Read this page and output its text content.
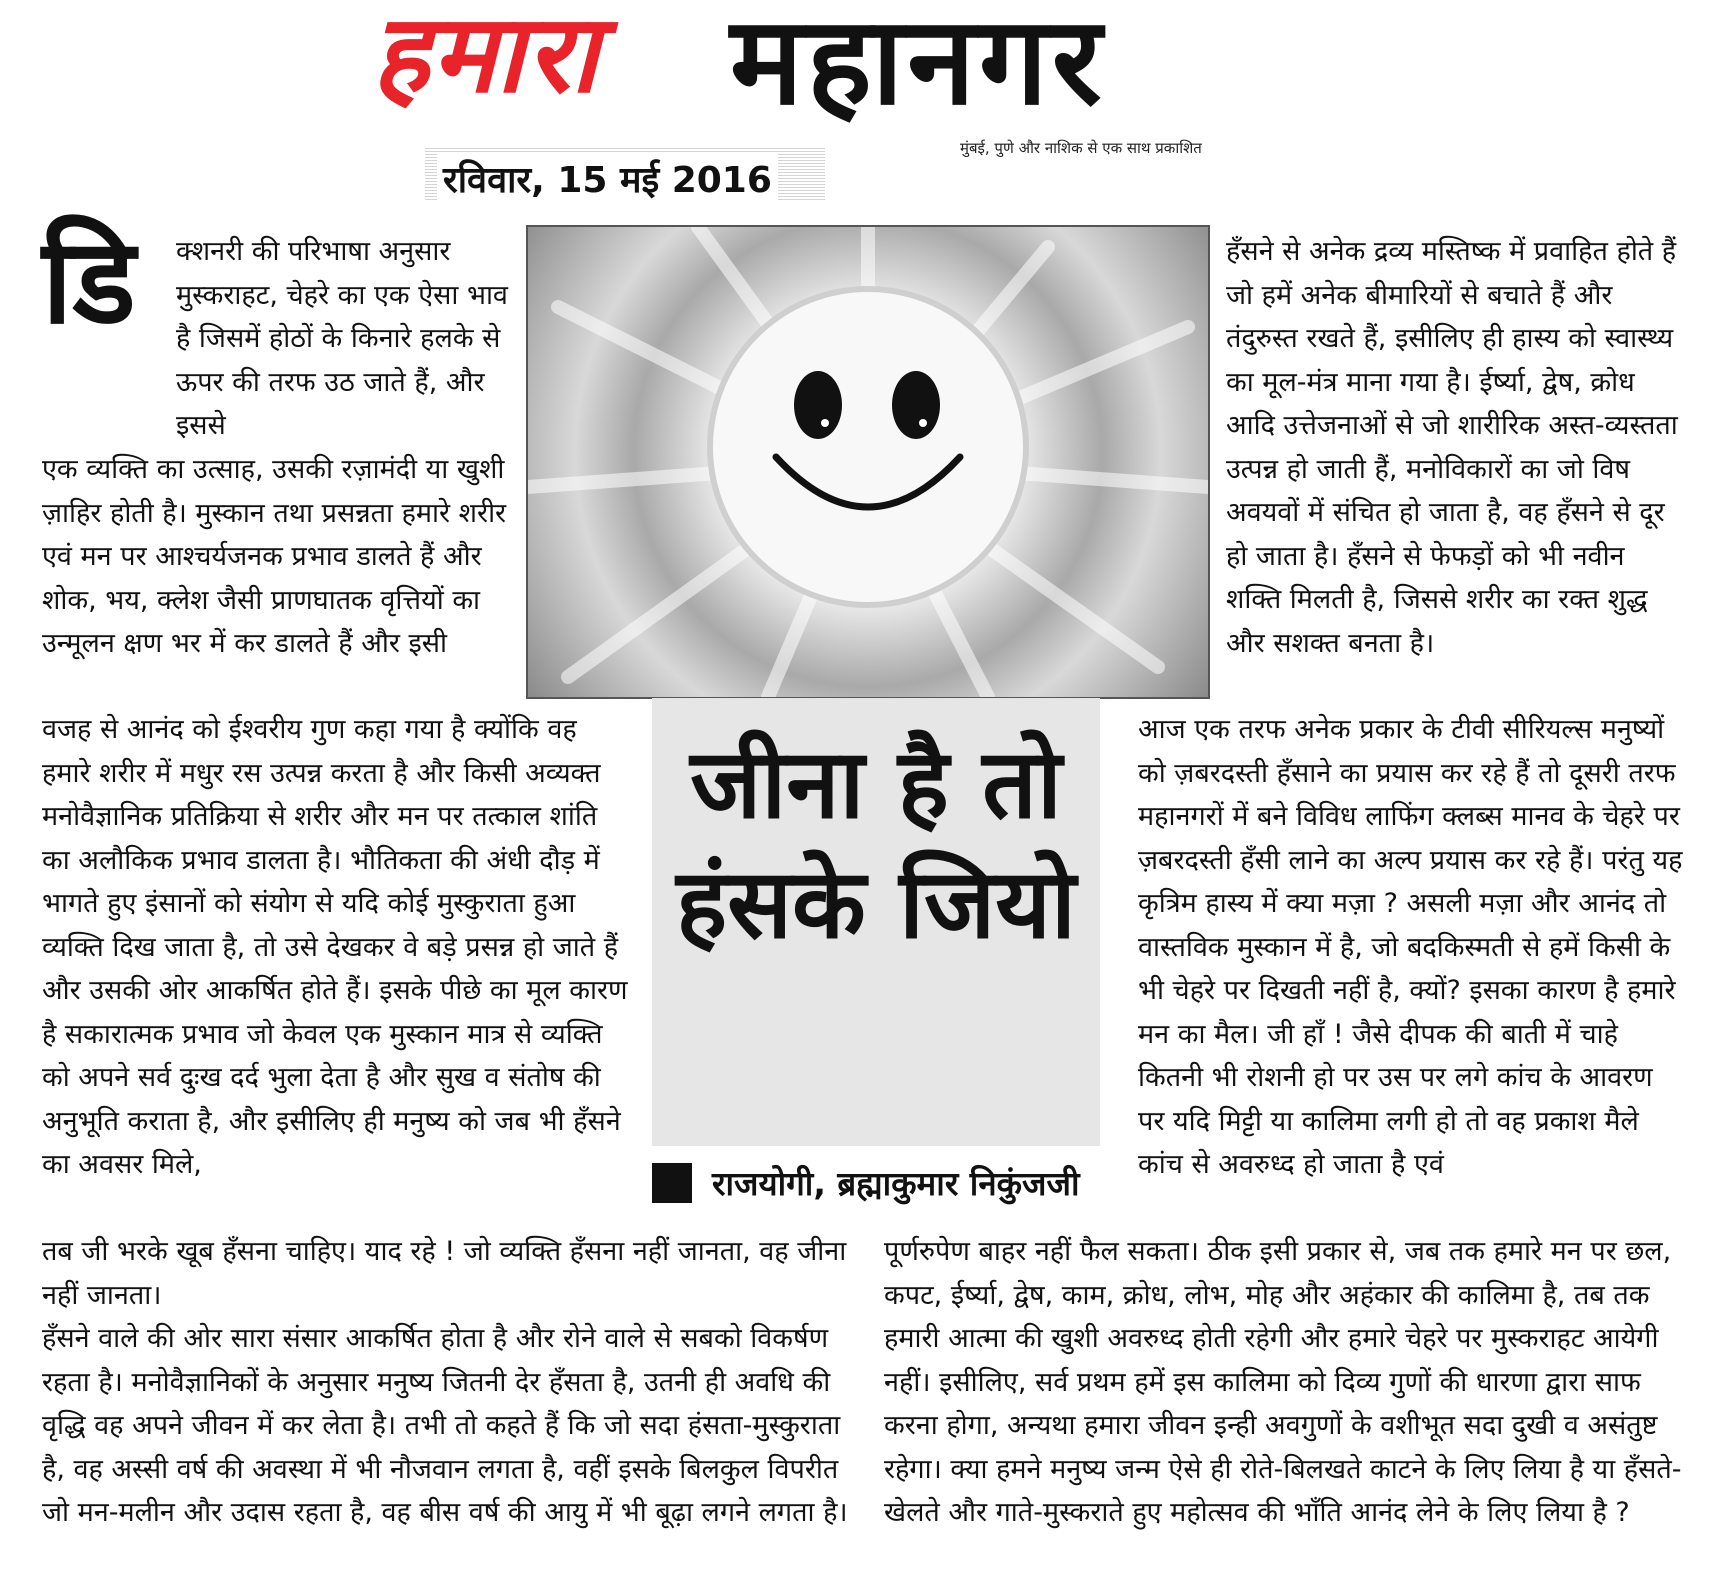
हमारा महानगर
मुंबई, पुणे और नाशिक से एक साथ प्रकाशित
रविवार, 15 मई 2016
डि क्शनरी की परिभाषा अनुसार मुस्कराहट, चेहरे का एक ऐसा भाव है जिसमें होठों के किनारे हलके से ऊपर की तरफ उठ जाते हैं, और इससे

एक व्यक्ति का उत्साह, उसकी रज़ामंदी या खुशी ज़ाहिर होती है। मुस्कान तथा प्रसन्नता हमारे शरीर एवं मन पर आश्चर्यजनक प्रभाव डालते हैं और शोक, भय, क्लेश जैसी प्राणघातक वृत्तियों का उन्मूलन क्षण भर में कर डालते हैं और इसी

वजह से आनंद को ईश्वरीय गुण कहा गया है क्योंकि वह हमारे शरीर में मधुर रस उत्पन्न करता है और किसी अव्यक्त मनोवैज्ञानिक प्रतिक्रिया से शरीर और मन पर तत्काल शांति का अलौकिक प्रभाव डालता है। भौतिकता की अंधी दौड़ में भागते हुए इंसानों को संयोग से यदि कोई मुस्कुराता हुआ व्यक्ति दिख जाता है, तो उसे देखकर वे बड़े प्रसन्न हो जाते हैं और उसकी ओर आकर्षित होते हैं। इसके पीछे का मूल कारण है सकारात्मक प्रभाव जो केवल एक मुस्कान मात्र से व्यक्ति को अपने सर्व दुःख दर्द भुला देता है और सुख व संतोष की अनुभूति कराता है, और इसीलिए ही मनुष्य को जब भी हँसने का अवसर मिले,

जीना है तो हंसके जियो
राजयोगी, ब्रह्माकुमार निकुंजजी

तब जी भरके खूब हँसना चाहिए। याद रहे ! जो व्यक्ति हँसना नहीं जानता, वह जीना नहीं जानता।

हँसने वाले की ओर सारा संसार आकर्षित होता है और रोने वाले से सबको विकर्षण रहता है। मनोवैज्ञानिकों के अनुसार मनुष्य जितनी देर हँसता है, उतनी ही अवधि की वृद्धि वह अपने जीवन में कर लेता है। तभी तो कहते हैं कि जो सदा हंसता-मुस्कुराता है, वह अस्सी वर्ष की अवस्था में भी नौजवान लगता है, वहीं इसके बिलकुल विपरीत जो मन-मलीन और उदास रहता है, वह बीस वर्ष की आयु में भी बूढ़ा लगने लगता है।

हँसने से अनेक द्रव्य मस्तिष्क में प्रवाहित होते हैं जो हमें अनेक बीमारियों से बचाते हैं और तंदुरुस्त रखते हैं, इसीलिए ही हास्य को स्वास्थ्य का मूल-मंत्र माना गया है। ईर्ष्या, द्वेष, क्रोध आदि उत्तेजनाओं से जो शारीरिक अस्त-व्यस्तता उत्पन्न हो जाती हैं, मनोविकारों का जो विष अवयवों में संचित हो जाता है, वह हँसने से दूर हो जाता है। हँसने से फेफड़ों को भी नवीन शक्ति मिलती है, जिससे शरीर का रक्त शुद्ध और सशक्त बनता है।

आज एक तरफ अनेक प्रकार के टीवी सीरियल्स मनुष्यों को ज़बरदस्ती हँसाने का प्रयास कर रहे हैं तो दूसरी तरफ महानगरों में बने विविध लाफिंग क्लब्स मानव के चेहरे पर ज़बरदस्ती हँसी लाने का अल्प प्रयास कर रहे हैं। परंतु यह कृत्रिम हास्य में क्या मज़ा ? असली मज़ा और आनंद तो वास्तविक मुस्कान में है, जो बदकिस्मती से हमें किसी के भी चेहरे पर दिखती नहीं है, क्यों? इसका कारण है हमारे मन का मैल। जी हाँ ! जैसे दीपक की बाती में चाहे कितनी भी रोशनी हो पर उस पर लगे कांच के आवरण पर यदि मिट्टी या कालिमा लगी हो तो वह प्रकाश मैले कांच से अवरुध्द हो जाता है एवं

पूर्णरुपेण बाहर नहीं फैल सकता। ठीक इसी प्रकार से, जब तक हमारे मन पर छल, कपट, ईर्ष्या, द्वेष, काम, क्रोध, लोभ, मोह और अहंकार की कालिमा है, तब तक हमारी आत्मा की खुशी अवरुध्द होती रहेगी और हमारे चेहरे पर मुस्कराहट आयेगी नहीं। इसीलिए, सर्व प्रथम हमें इस कालिमा को दिव्य गुणों की धारणा द्वारा साफ करना होगा, अन्यथा हमारा जीवन इन्ही अवगुणों के वशीभूत सदा दुखी व असंतुष्ट रहेगा। क्या हमने मनुष्य जन्म ऐसे ही रोते-बिलखते काटने के लिए लिया है या हँसते-खेलते और गाते-मुस्कराते हुए महोत्सव की भाँति आनंद लेने के लिए लिया है ?
